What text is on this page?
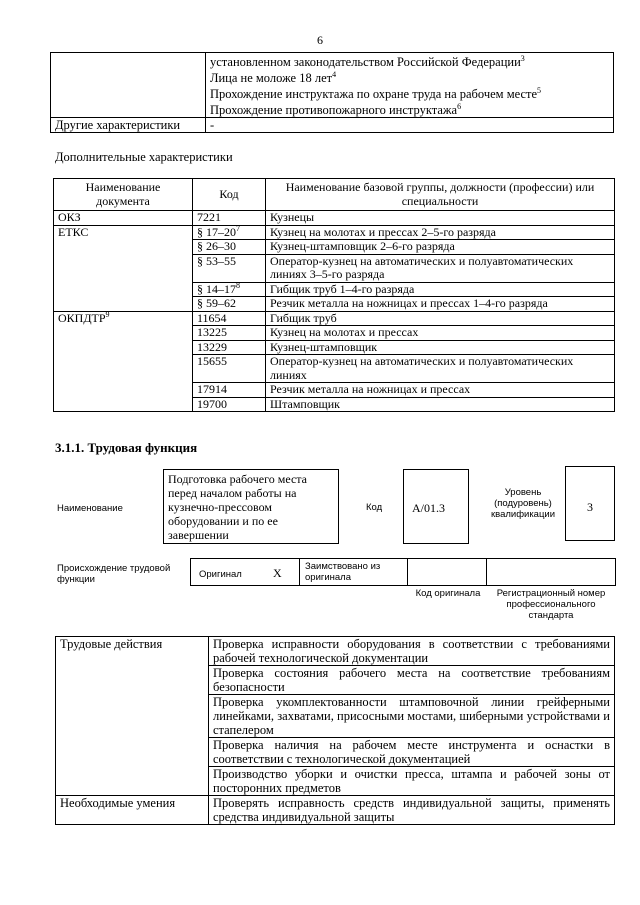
6

	установленном законодательством Российской Федерации$^3$
Лица не моложе 18 лет$^4$
Прохождение инструктажа по охране труда на рабочем месте$^5$
Прохождение противопожарного инструктажа$^6$

Другие характеристики	-
Дополнительные характеристики
Наименование документа	Код	Наименование базовой группы, должности (профессии) или специальности
ОКЗ	7221	Кузнецы
ЕТКС	§ $17-20^7$	Кузнец на молотах и прессах 2–5-го разряда
	§ 26–30	Кузнец-штамповщик 2–6-го разряда
	§ 53–55	Оператор-кузнец на автоматических и полуавтоматических линиях 3–5-го разряда
	§ $14-17^8$	Гибщик труб 1–4-го разряда
	§ 59–62	Резчик металла на ножницах и прессах 1–4-го разряда
ОКПДТР$^9$	11654	Гибщик труб
	13225	Кузнец на молотах и прессах
	13229	Кузнец-штамповщик
	15655	Оператор-кузнец на автоматических и полуавтоматических линиях
	17914	Резчик металла на ножницах и прессах
	19700	Штамповщик
3.1.1. Трудовая функция
Наименование
Подготовка рабочего места перед началом работы на кузнечно-прессовом оборудовании и по ее завершении
Код	A/01.3
Уровень (подуровень) квалификации
3
Происхождение трудовой функции	Оригинал	X Заимствовано из оригинала
Код оригинала	Регистрационный номер профессионального стандарта
Трудовые действия	Проверка исправности оборудования в соответствии с требованиями рабочей технологической документации
	Проверка состояния рабочего места на соответствие требованиям безопасности
	Проверка укомплектованности штамповочной линии грейферными линейками, захватами, присосными мостами, шиберными устройствами и стапелером
	Проверка наличия на рабочем месте инструмента и оснастки в соответствии с технологической документацией
	Производство уборки и очистки пресса, штампа и рабочей зоны от посторонних предметов
Необходимые умения	Проверять исправность средств индивидуальной защиты, применять средства индивидуальной защиты
